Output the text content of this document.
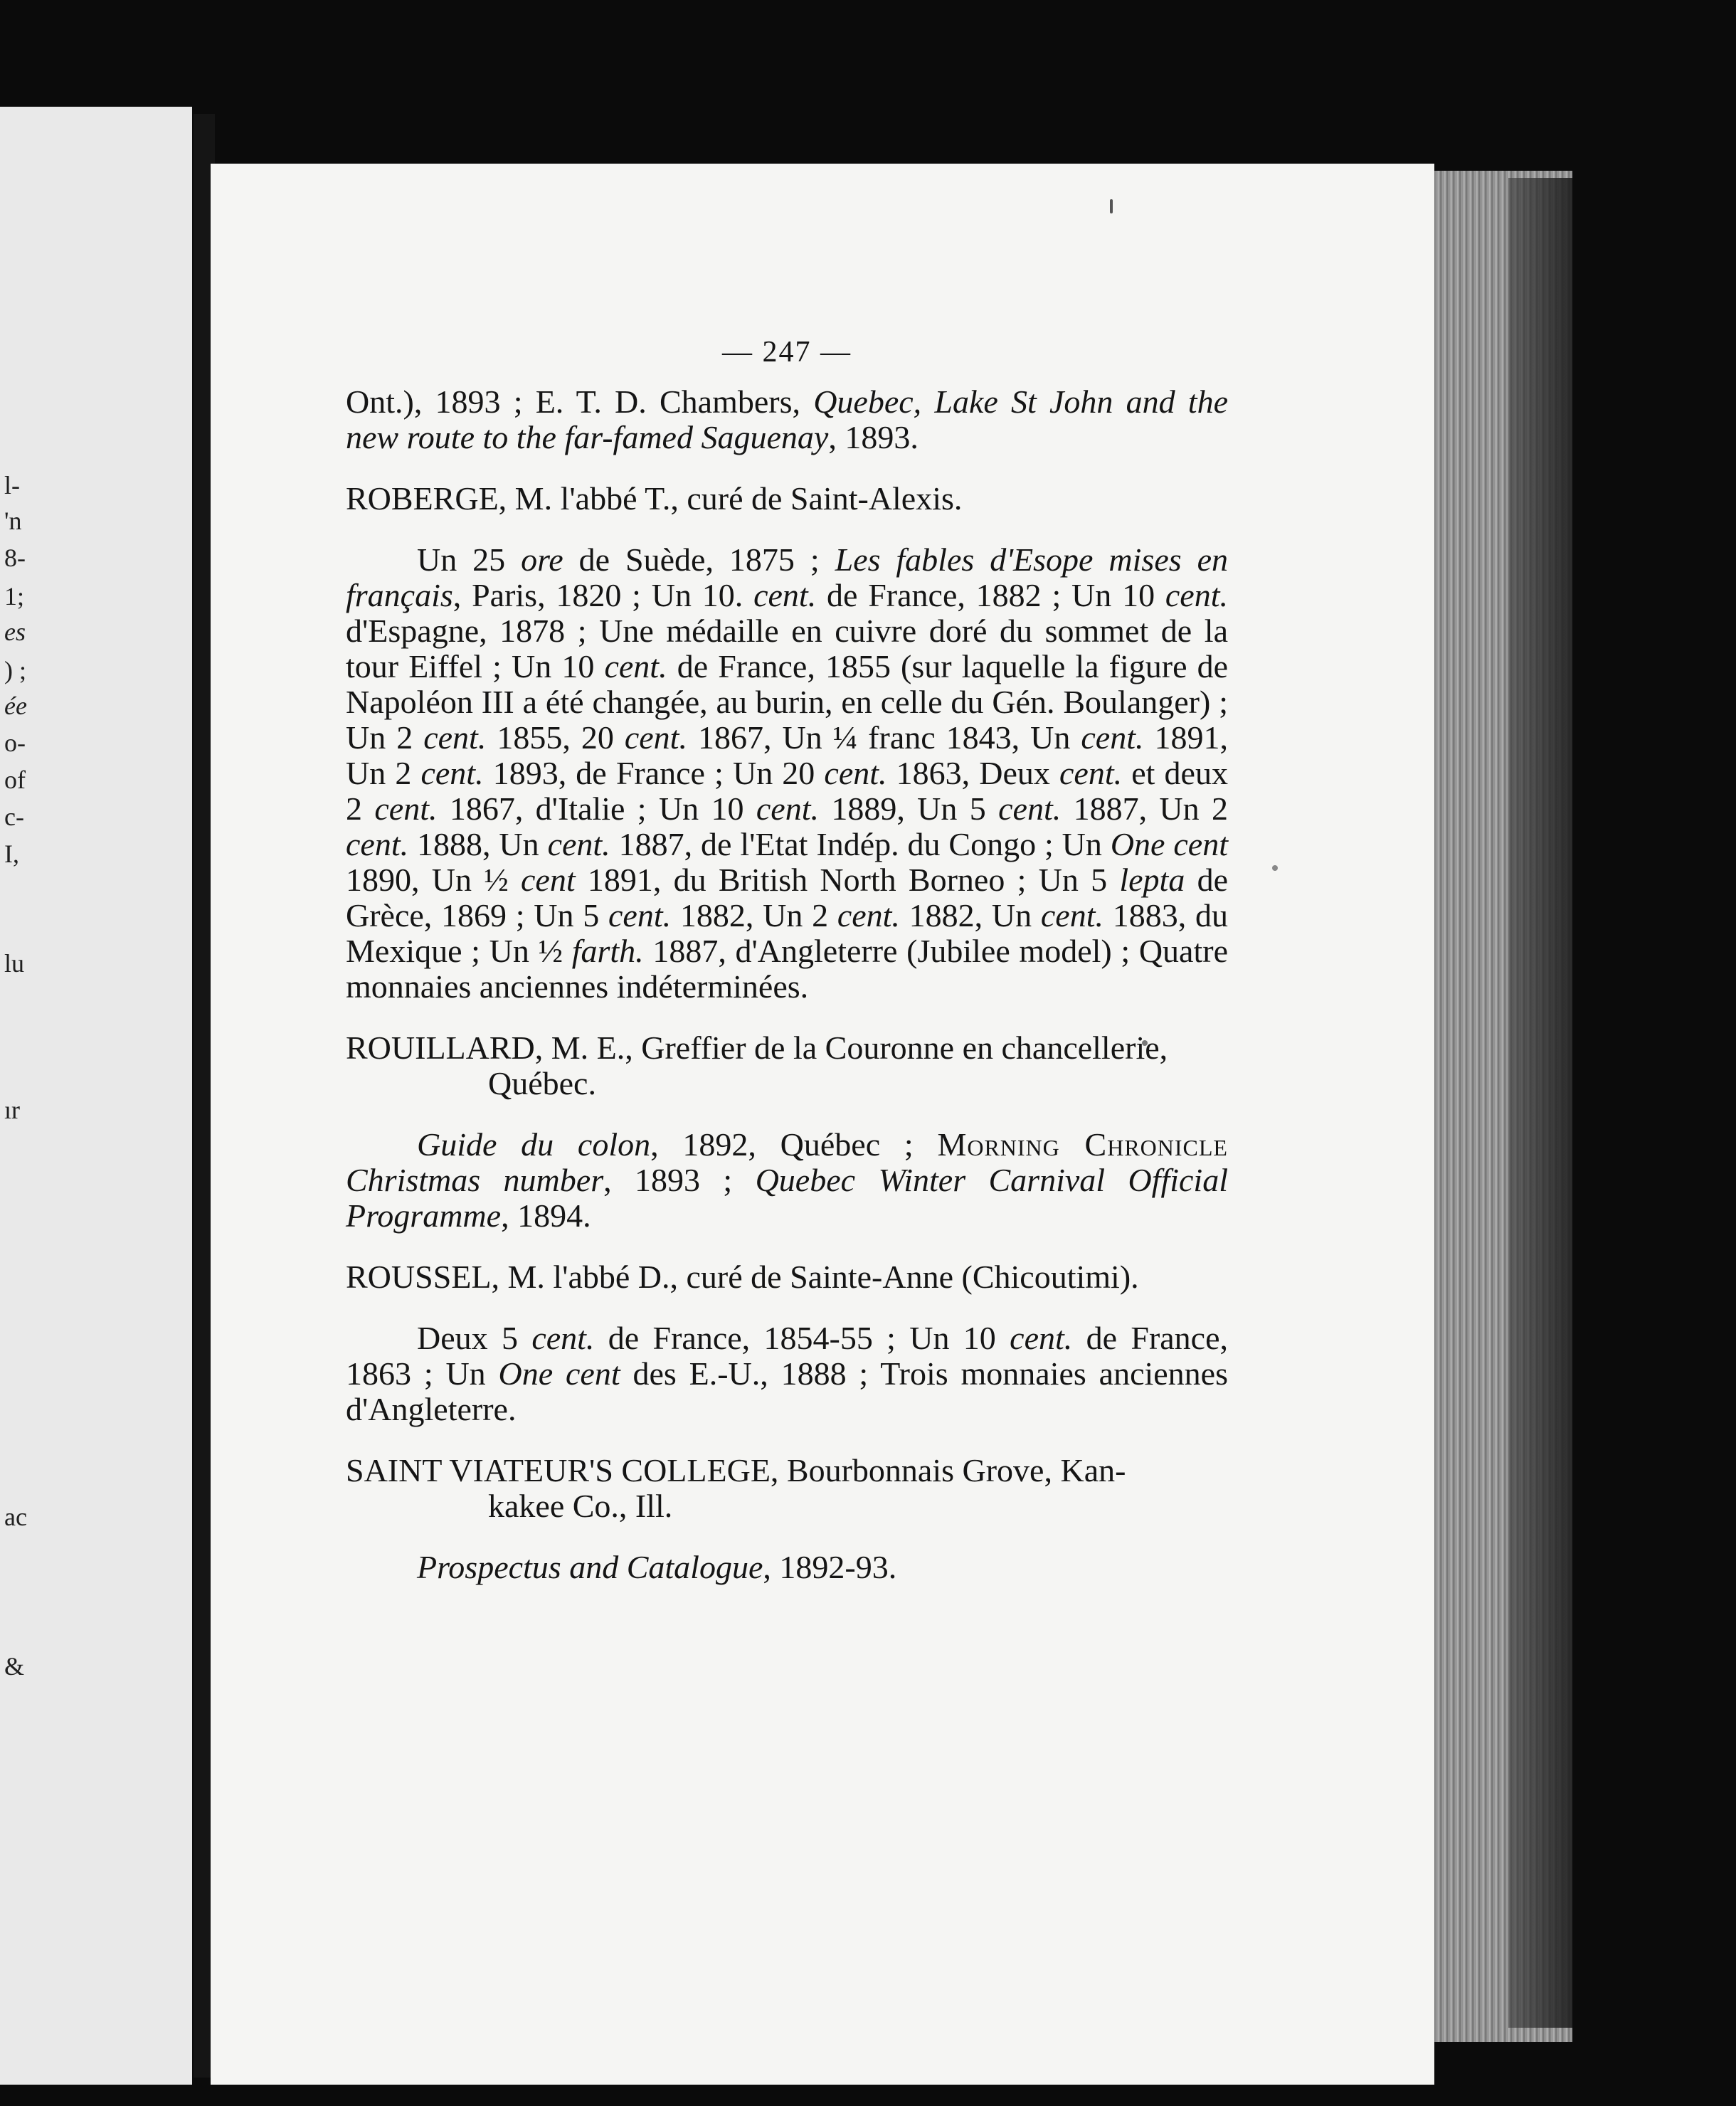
l-
'n
8-
1;
es
) ;
ée
o-
of
c-
I,
lu
ır
ac
&
— 247 —

Ont.), 1893 ; E. T. D. Chambers, Quebec, Lake St John and the new route to the far-famed Saguenay, 1893.

ROBERGE, M. l'abbé T., curé de Saint-Alexis.

Un 25 ore de Suède, 1875 ; Les fables d'Esope mises en français, Paris, 1820 ; Un 10. cent. de France, 1882 ; Un 10 cent. d'Espagne, 1878 ; Une médaille en cuivre doré du sommet de la tour Eiffel ; Un 10 cent. de France, 1855 (sur laquelle la figure de Napoléon III a été changée, au burin, en celle du Gén. Boulanger) ; Un 2 cent. 1855, 20 cent. 1867, Un ¼ franc 1843, Un cent. 1891, Un 2 cent. 1893, de France ; Un 20 cent. 1863, Deux cent. et deux 2 cent. 1867, d'Italie ; Un 10 cent. 1889, Un 5 cent. 1887, Un 2 cent. 1888, Un cent. 1887, de l'Etat Indép. du Congo ; Un One cent 1890, Un ½ cent 1891, du British North Borneo ; Un 5 lepta de Grèce, 1869 ; Un 5 cent. 1882, Un 2 cent. 1882, Un cent. 1883, du Mexique ; Un ½ farth. 1887, d'Angleterre (Jubilee model) ; Quatre monnaies anciennes indéterminées.

ROUILLARD, M. E., Greffier de la Couronne en chancellerie,
Québec.

Guide du colon, 1892, Québec ; Morning Chronicle Christmas number, 1893 ; Quebec Winter Carnival Official Programme, 1894.

ROUSSEL, M. l'abbé D., curé de Sainte-Anne (Chicoutimi).

Deux 5 cent. de France, 1854-55 ; Un 10 cent. de France, 1863 ; Un One cent des E.-U., 1888 ; Trois monnaies anciennes d'Angleterre.

SAINT VIATEUR'S COLLEGE, Bourbonnais Grove, Kan-
kakee Co., Ill.

Prospectus and Catalogue, 1892-93.
